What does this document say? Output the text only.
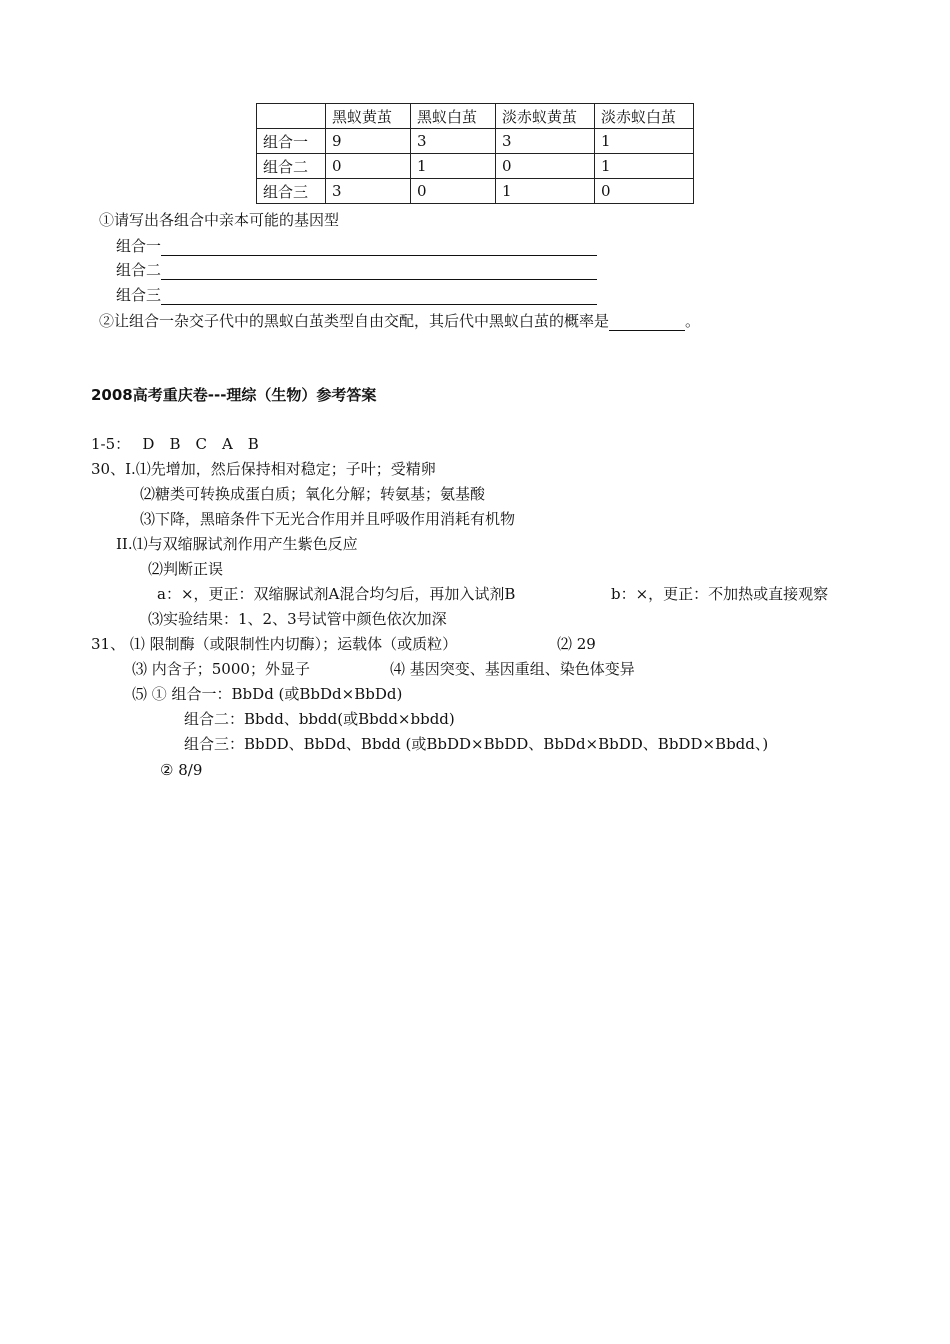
	黑蚁黄茧	黑蚁白茧	淡赤蚁黄茧	淡赤蚁白茧
组合一	9	3	3	1
组合二	0	1	0	1
组合三	3	0	1	0
①请写出各组合中亲本可能的基因型
组合一
组合二
组合三
②让组合一杂交子代中的黑蚁白茧类型自由交配，其后代中黑蚁白茧的概率是	。
2008高考重庆卷---理综（生物）参考答案
1-5：　 D　B　C　A　B
30、I.⑴先增加，然后保持相对稳定；子叶；受精卵
⑵糖类可转换成蛋白质；氧化分解；转氨基；氨基酸
⑶下降，黑暗条件下无光合作用并且呼吸作用消耗有机物
II.⑴与双缩脲试剂作用产生紫色反应
⑵判断正误
a：×，更正：双缩脲试剂A混合均匀后，再加入试剂B	b：×，更正：不加热或直接观察
⑶实验结果：1、2、3号试管中颜色依次加深
31、 ⑴ 限制酶（或限制性内切酶）；运载体（或质粒）	⑵ 29
⑶ 内含子；5000；外显子	⑷ 基因突变、基因重组、染色体变异
⑸ ① 组合一：BbDd (或BbDd×BbDd)
组合二：Bbdd、bbdd(或Bbdd×bbdd)
组合三：BbDD、BbDd、Bbdd (或BbDD×BbDD、BbDd×BbDD、BbDD×Bbdd、)
② 8/9
